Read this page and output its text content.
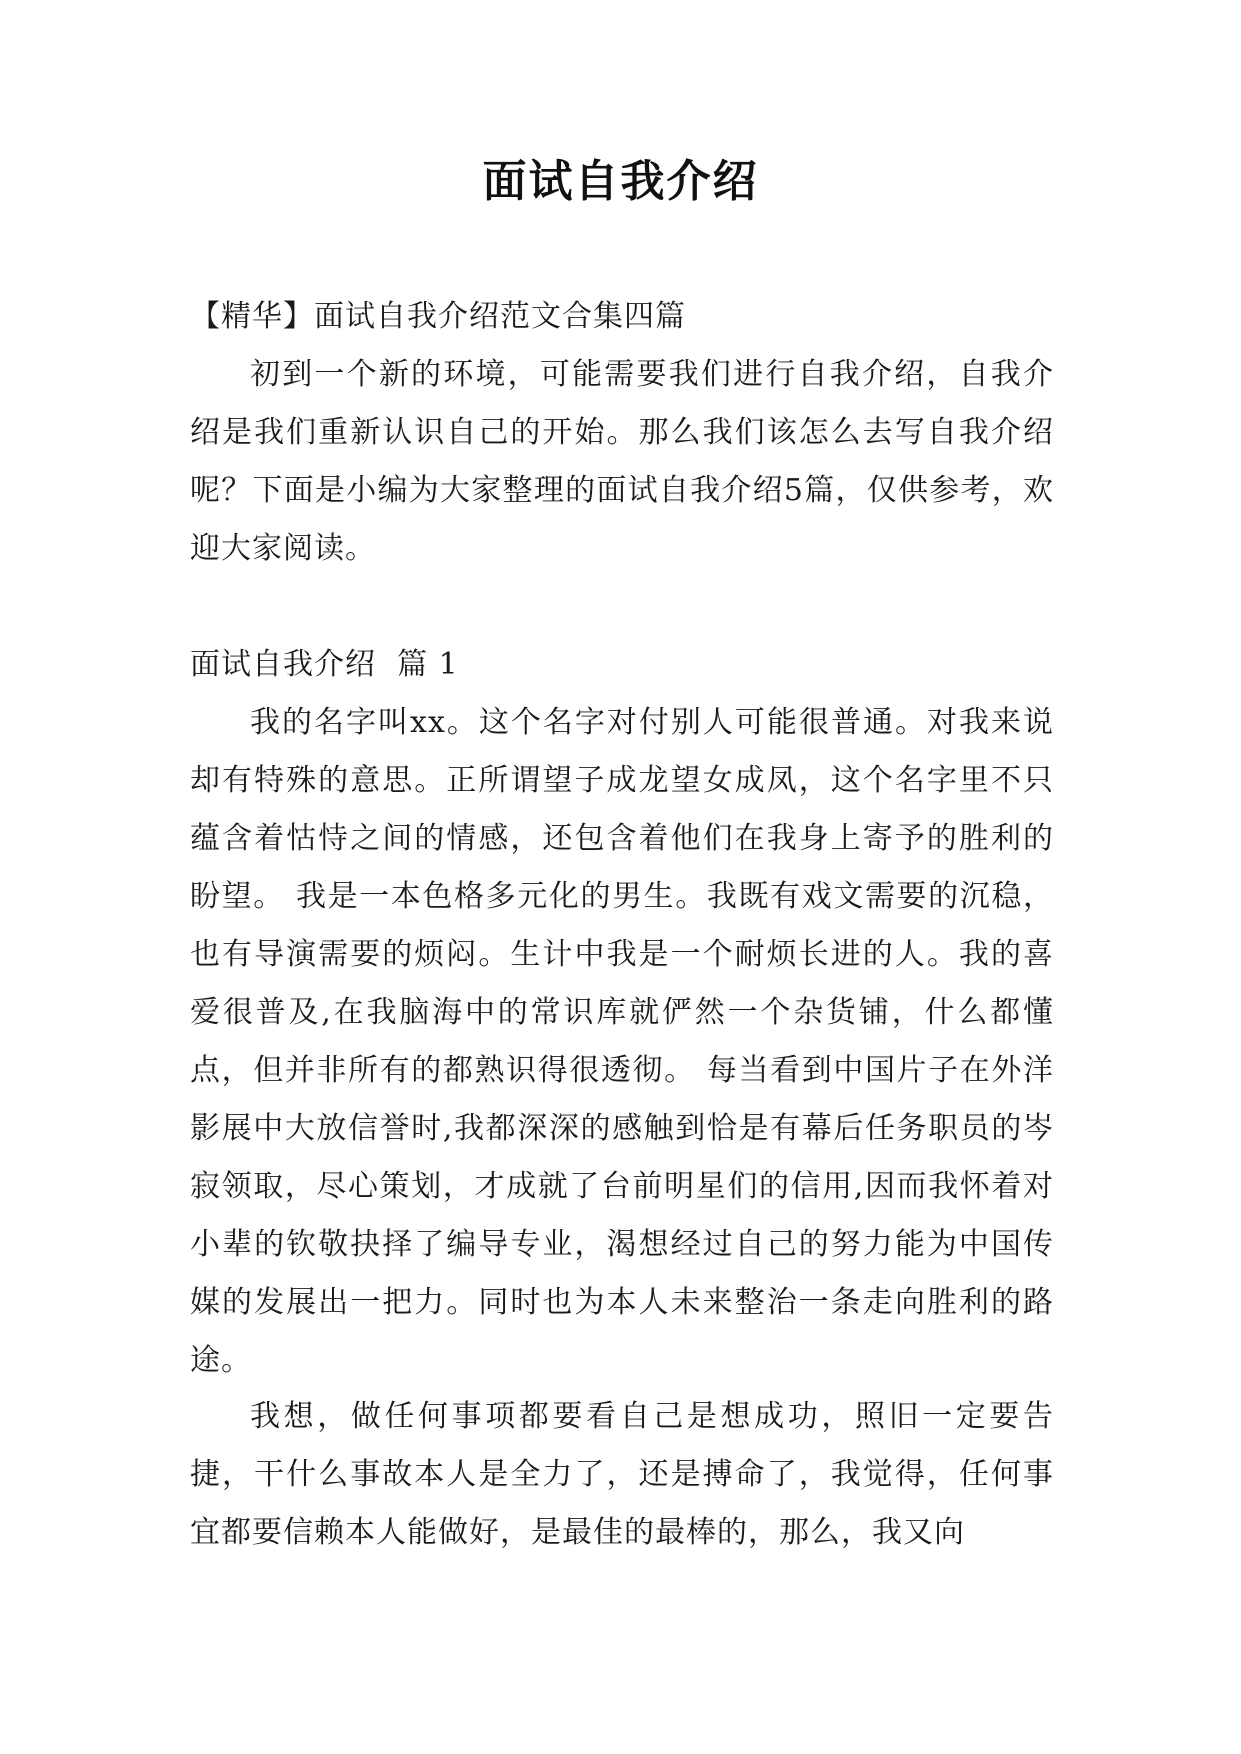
面试自我介绍
【精华】面试自我介绍范文合集四篇
初到一个新的环境，可能需要我们进行自我介绍，自我介绍是我们重新认识自己的开始。那么我们该怎么去写自我介绍呢？下面是小编为大家整理的面试自我介绍5篇，仅供参考，欢迎大家阅读。
面试自我介绍  篇 1
我的名字叫xx。这个名字对付别人可能很普通。对我来说却有特殊的意思。正所谓望子成龙望女成凤，这个名字里不只蕴含着怙恃之间的情感，还包含着他们在我身上寄予的胜利的盼望。 我是一本色格多元化的男生。我既有戏文需要的沉稳，也有导演需要的烦闷。生计中我是一个耐烦长进的人。我的喜爱很普及,在我脑海中的常识库就俨然一个杂货铺，什么都懂点，但并非所有的都熟识得很透彻。 每当看到中国片子在外洋影展中大放信誉时,我都深深的感触到恰是有幕后任务职员的岑寂领取，尽心策划，才成就了台前明星们的信用,因而我怀着对小辈的钦敬抉择了编导专业，渴想经过自己的努力能为中国传媒的发展出一把力。同时也为本人未来整治一条走向胜利的路途。
我想，做任何事项都要看自己是想成功，照旧一定要告捷，干什么事故本人是全力了，还是搏命了，我觉得，任何事宜都要信赖本人能做好，是最佳的最棒的，那么，我又向
